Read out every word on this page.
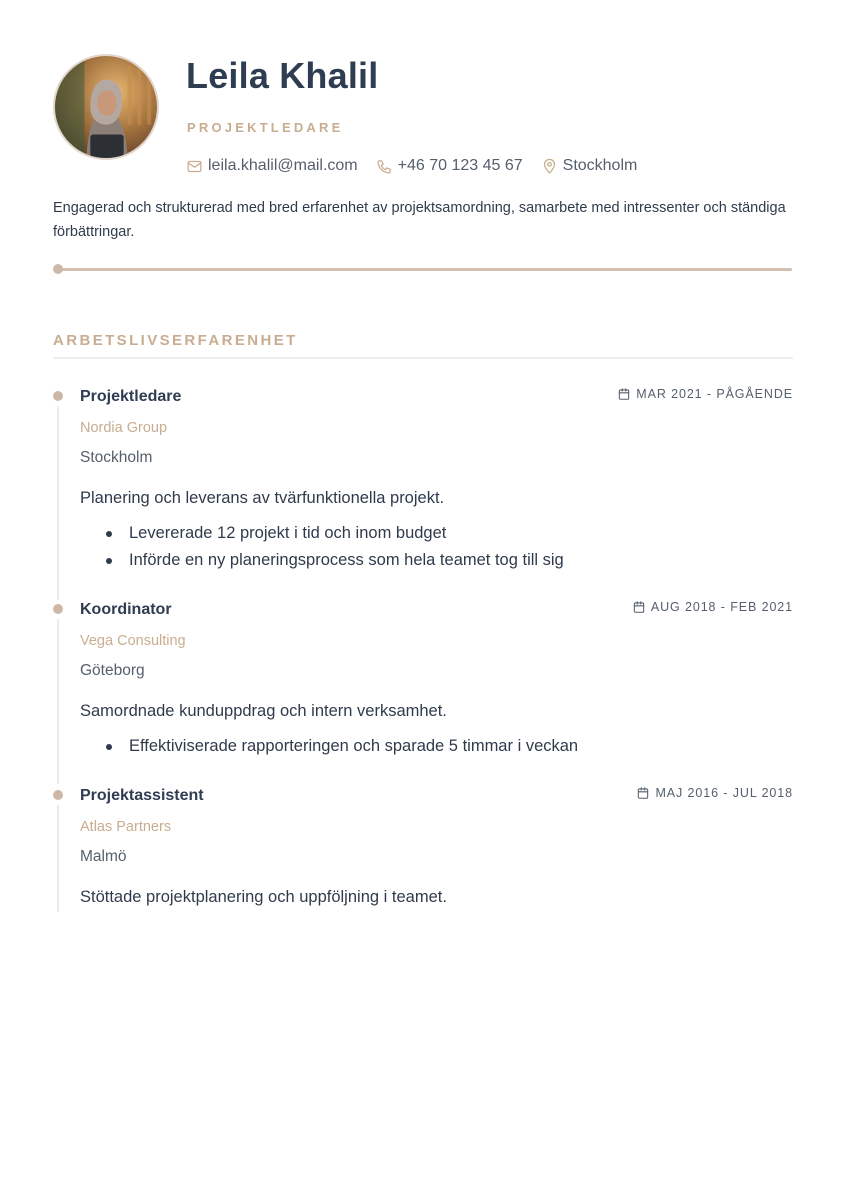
Leila Khalil
PROJEKTLEDARE
leila.khalil@mail.com	+46 70 123 45 67	Stockholm
Engagerad och strukturerad med bred erfarenhet av projektsamordning, samarbete med intressenter och ständiga förbättringar.
ARBETSLIVSERFARENHET
Projektledare	MAR 2021 - PÅGÅENDE
Nordia Group
Stockholm
Planering och leverans av tvärfunktionella projekt.
Levererade 12 projekt i tid och inom budget
Införde en ny planeringsprocess som hela teamet tog till sig
Koordinator	AUG 2018 - FEB 2021
Vega Consulting
Göteborg
Samordnade kunduppdrag och intern verksamhet.
Effektiviserade rapporteringen och sparade 5 timmar i veckan
Projektassistent	MAJ 2016 - JUL 2018
Atlas Partners
Malmö
Stöttade projektplanering och uppföljning i teamet.
